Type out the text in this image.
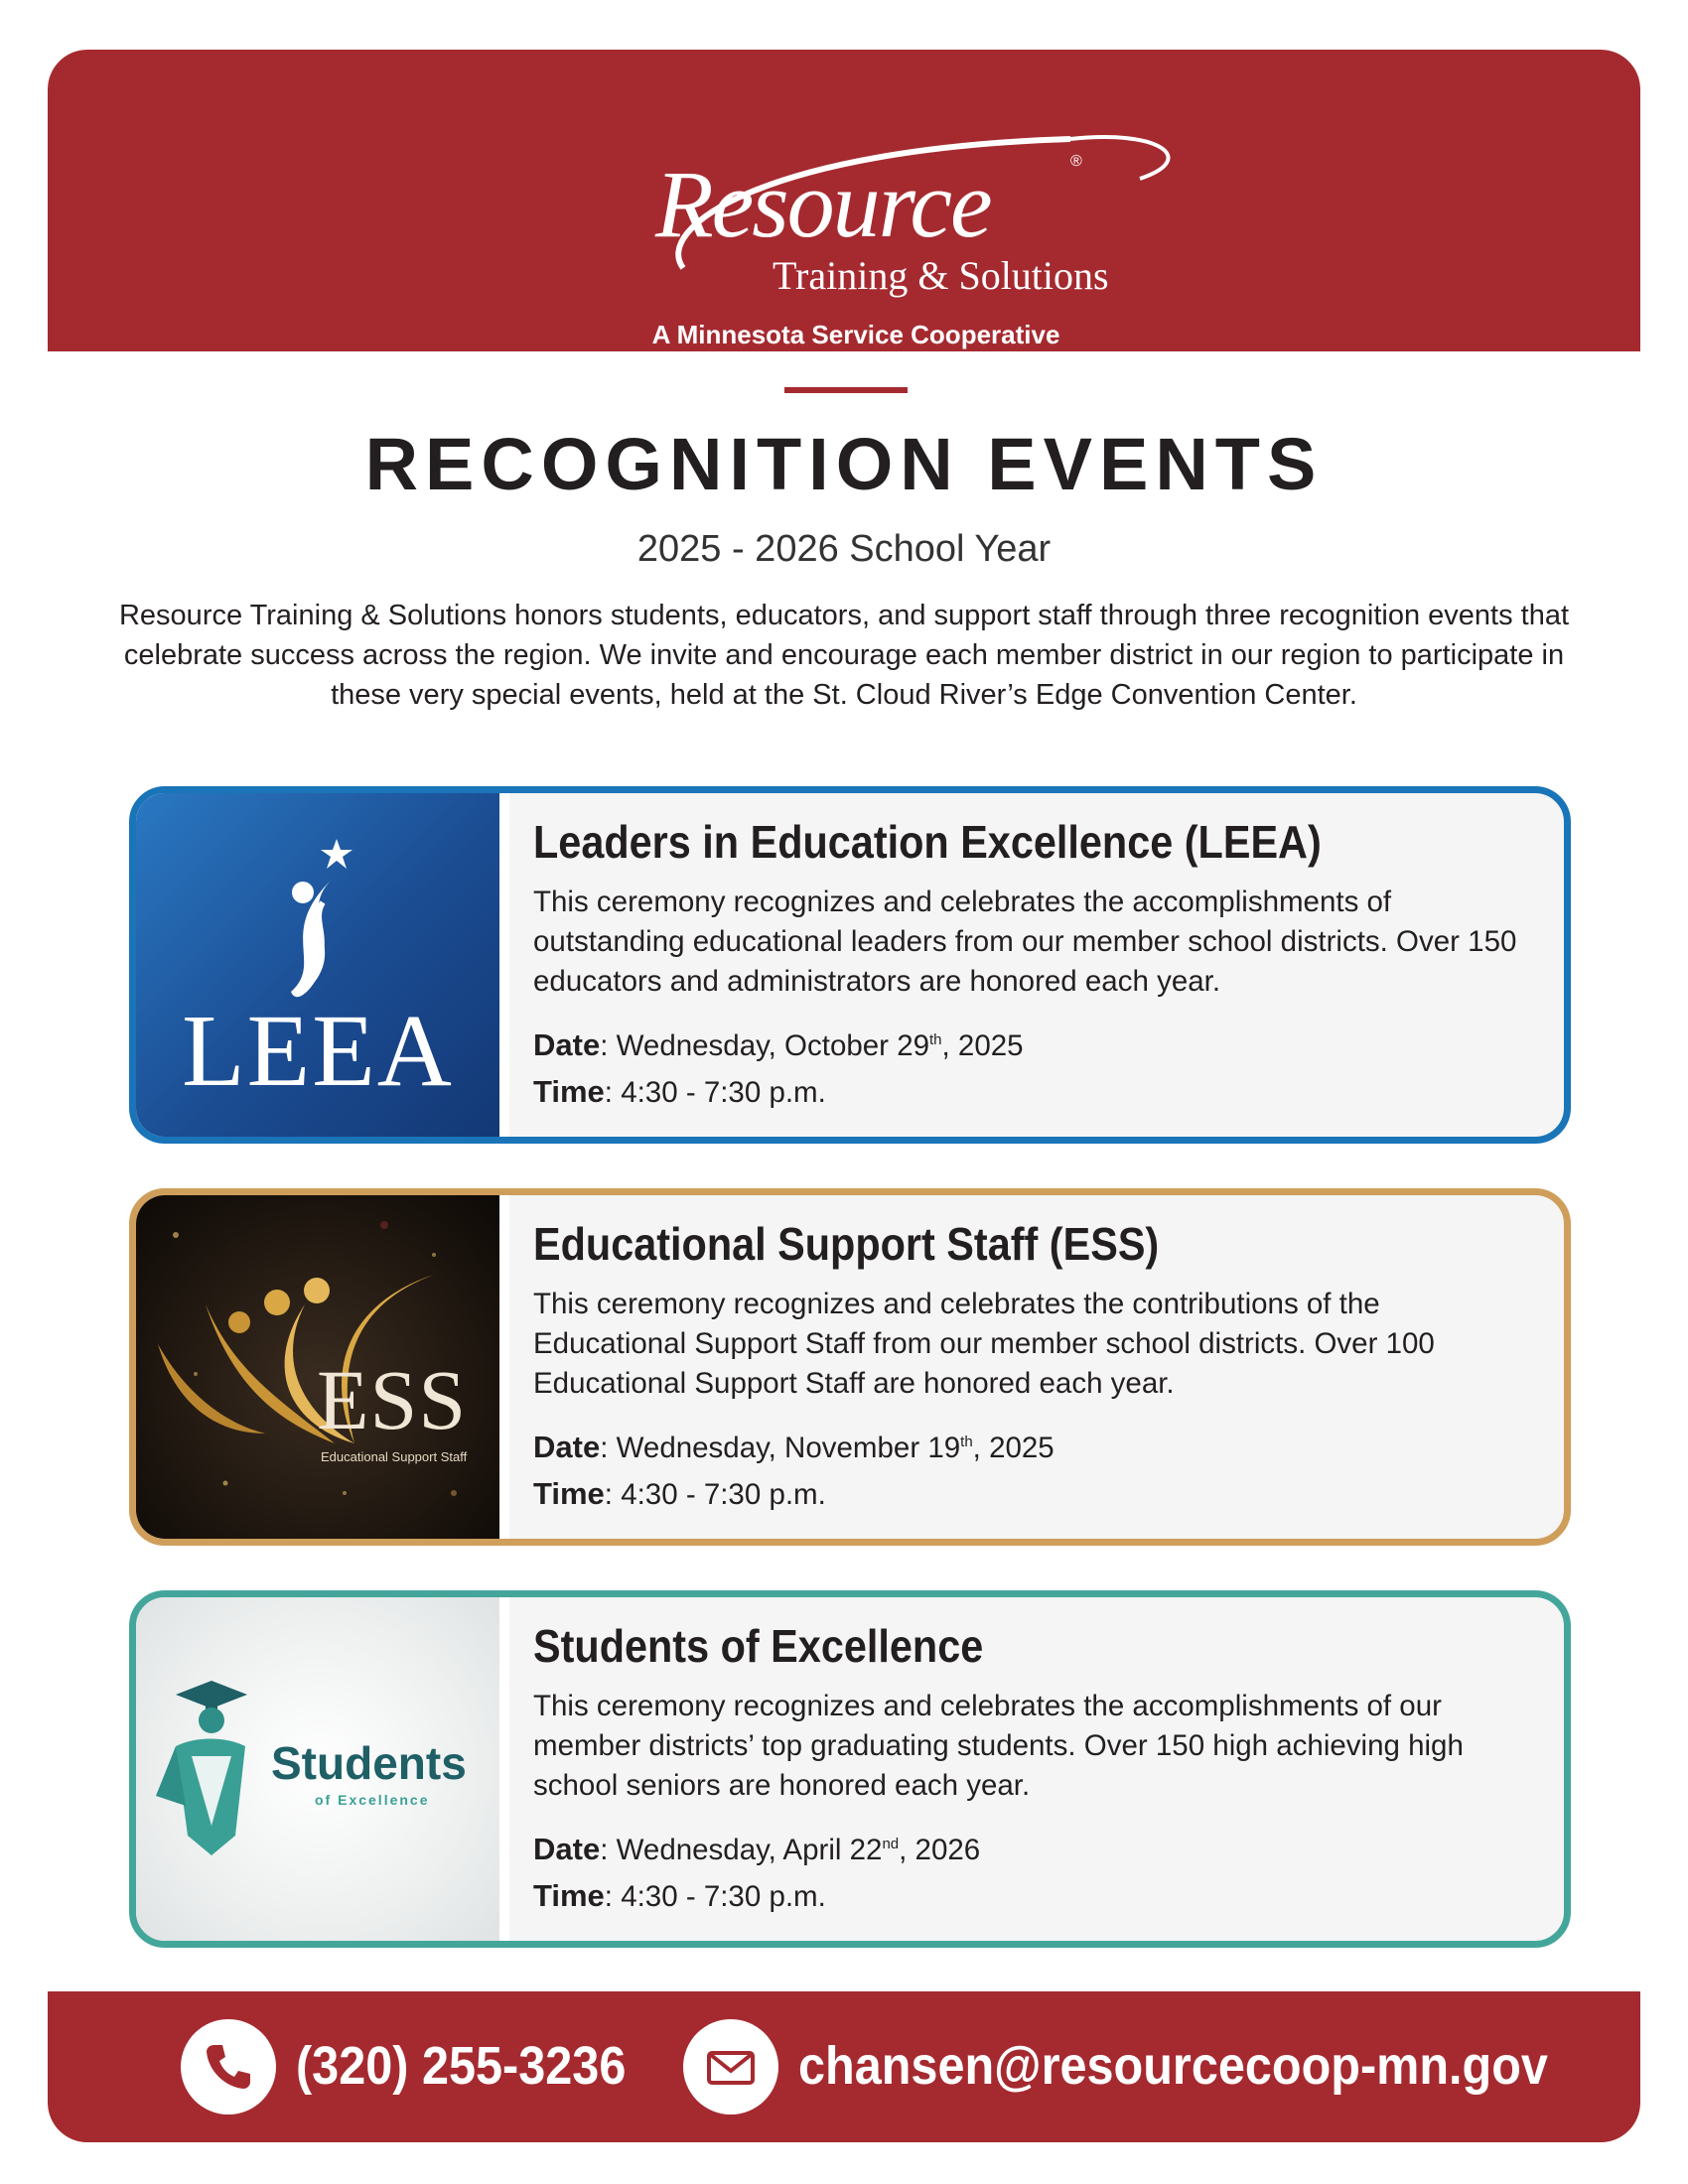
Resource	®
Training & Solutions
A Minnesota Service Cooperative
RECOGNITION EVENTS
2025 - 2026 School Year
Resource Training & Solutions honors students, educators, and support staff through three recognition events that celebrate success across the region. We invite and encourage each member district in our region to participate in these very special events, held at the St. Cloud River’s Edge Convention Center.
LEEA
Leaders in Education Excellence (LEEA)
This ceremony recognizes and celebrates the accomplishments of outstanding educational leaders from our member school districts. Over 150 educators and administrators are honored each year.
Date: Wednesday, October 29th, 2025
Time: 4:30 - 7:30 p.m.
ESS
Educational Support Staff
Educational Support Staff (ESS)
This ceremony recognizes and celebrates the contributions of the Educational Support Staff from our member school districts. Over 100 Educational Support Staff are honored each year.
Date: Wednesday, November 19th, 2025
Time: 4:30 - 7:30 p.m.
Students
of Excellence
Students of Excellence
This ceremony recognizes and celebrates the accomplishments of our member districts’ top graduating students. Over 150 high achieving high school seniors are honored each year.
Date: Wednesday, April 22nd, 2026
Time: 4:30 - 7:30 p.m.
(320) 255-3236	chansen@resourcecoop-mn.gov
